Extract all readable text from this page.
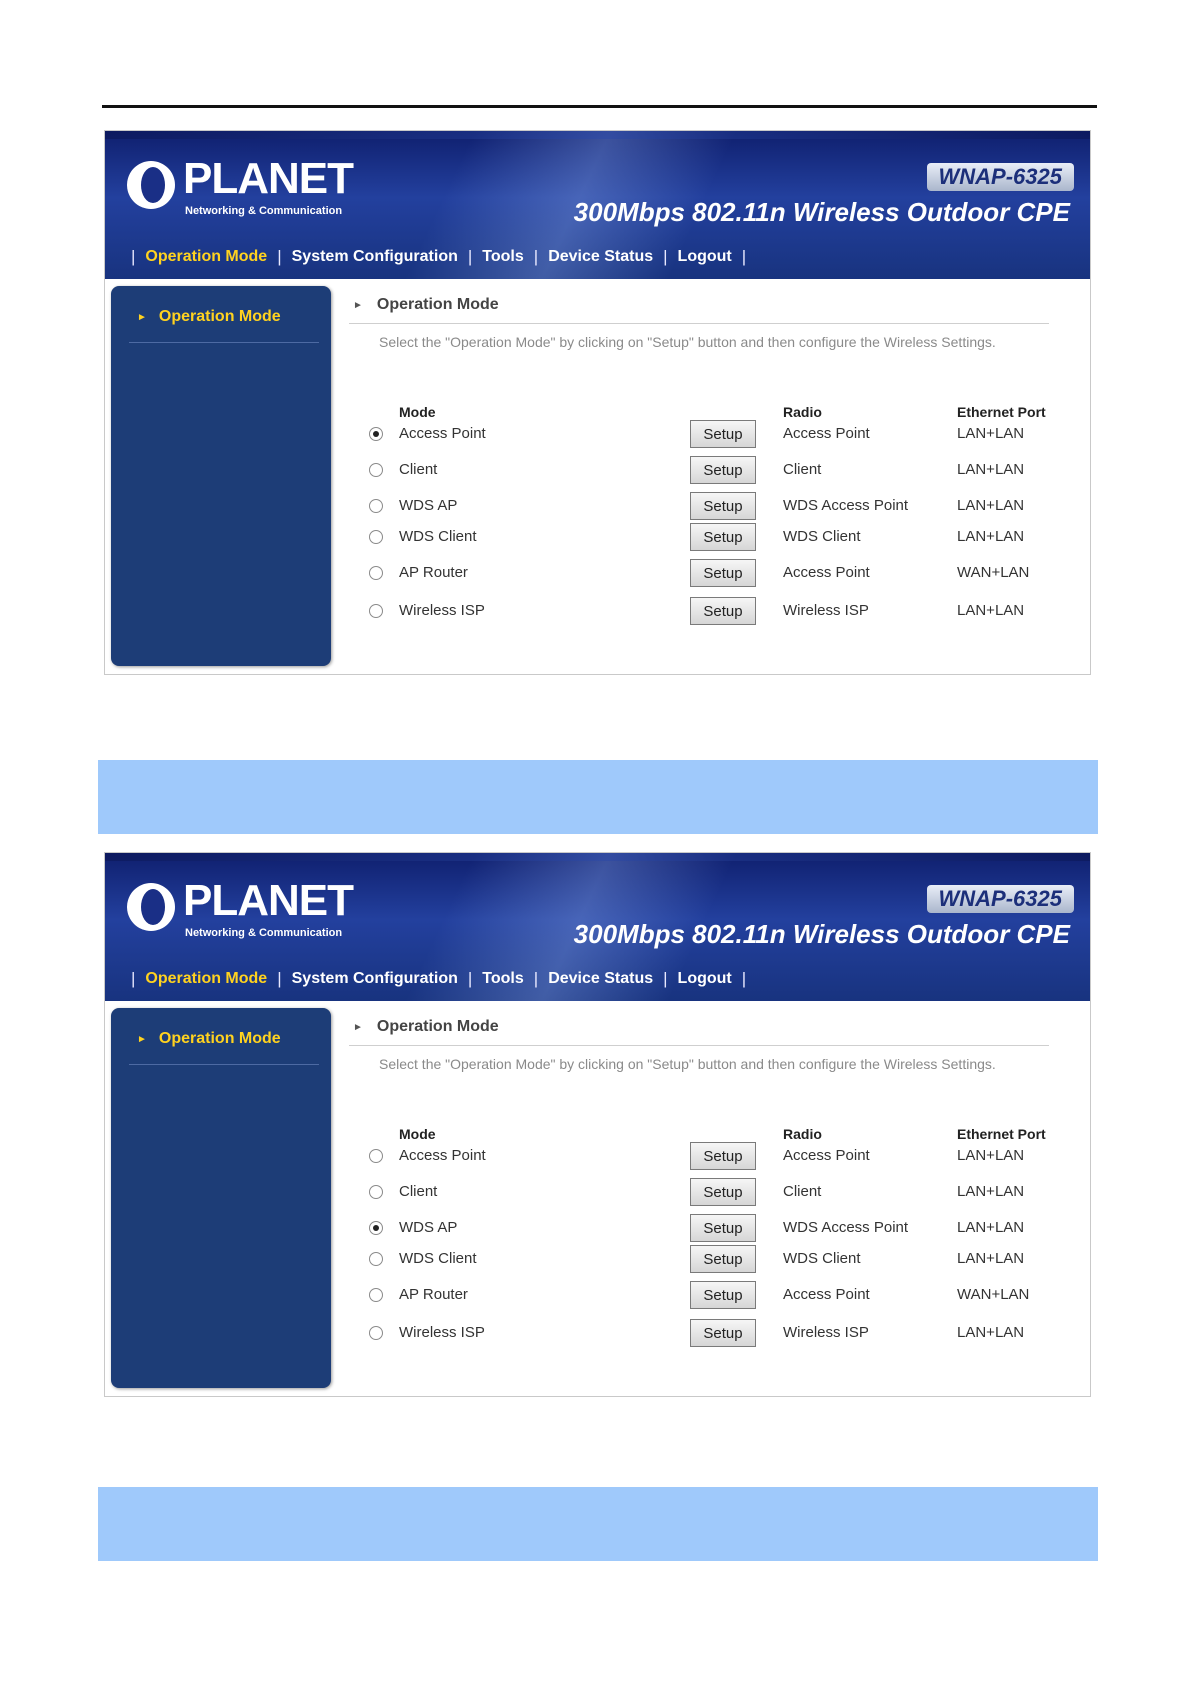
PLANET
Networking & Communication
WNAP-6325
300Mbps 802.11n Wireless Outdoor CPE
| Operation Mode | System Configuration | Tools | Device Status | Logout |
► Operation Mode
► Operation Mode
Select the "Operation Mode" by clicking on "Setup" button and then configure the Wireless Settings.
Mode	Radio	Ethernet Port
Access Point	Setup	Access Point	LAN+LAN
Client	Setup	Client	LAN+LAN
WDS AP	Setup	WDS Access Point	LAN+LAN
WDS Client	Setup	WDS Client	LAN+LAN
AP Router	Setup	Access Point	WAN+LAN
Wireless ISP	Setup	Wireless ISP	LAN+LAN
PLANET
Networking & Communication
WNAP-6325
300Mbps 802.11n Wireless Outdoor CPE
| Operation Mode | System Configuration | Tools | Device Status | Logout |
► Operation Mode
► Operation Mode
Select the "Operation Mode" by clicking on "Setup" button and then configure the Wireless Settings.
Mode	Radio	Ethernet Port
Access Point	Setup	Access Point	LAN+LAN
Client	Setup	Client	LAN+LAN
WDS AP	Setup	WDS Access Point	LAN+LAN
WDS Client	Setup	WDS Client	LAN+LAN
AP Router	Setup	Access Point	WAN+LAN
Wireless ISP	Setup	Wireless ISP	LAN+LAN
